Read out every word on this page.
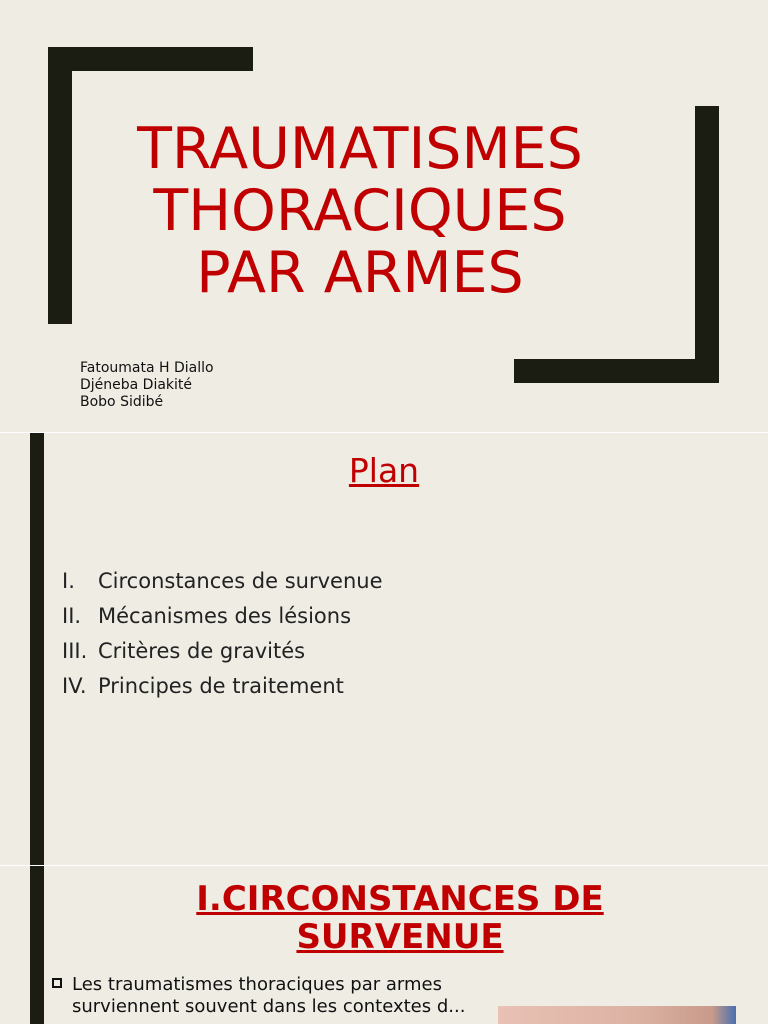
TRAUMATISMES
THORACIQUES
PAR ARMES
Fatoumata H Diallo
Djéneba Diakité
Bobo Sidibé
Plan
I.	Circonstances de survenue
II. Mécanismes des lésions
III. Critères de gravités
IV. Principes de traitement
I.CIRCONSTANCES DE
SURVENUE
Les traumatismes thoraciques par armes surviennent souvent dans les contextes d...
